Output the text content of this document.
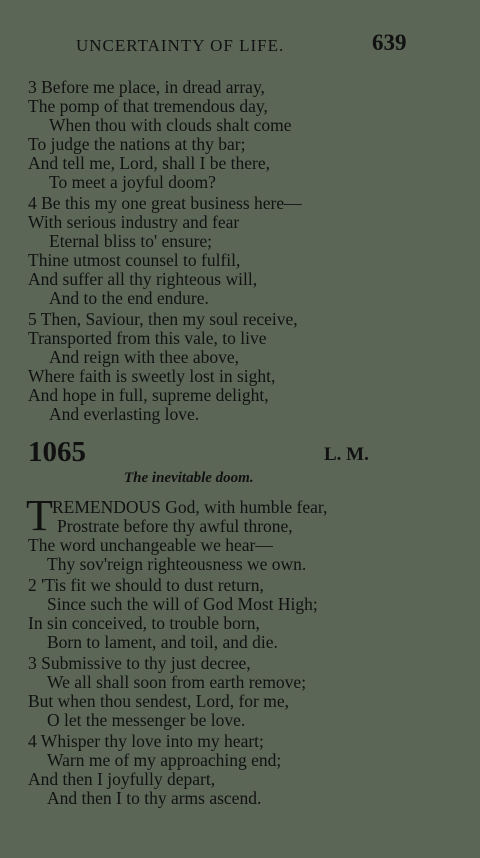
UNCERTAINTY OF LIFE.	639
3 Before me place, in dread array,
The pomp of that tremendous day,
When thou with clouds shalt come
To judge the nations at thy bar;
And tell me, Lord, shall I be there,
To meet a joyful doom?
4 Be this my one great business here—
With serious industry and fear
Eternal bliss to' ensure;
Thine utmost counsel to fulfil,
And suffer all thy righteous will,
And to the end endure.
5 Then, Saviour, then my soul receive,
Transported from this vale, to live
And reign with thee above,
Where faith is sweetly lost in sight,
And hope in full, supreme delight,
And everlasting love.
1065	L. M.
The inevitable doom.
T REMENDOUS God, with humble fear,
Prostrate before thy awful throne,
The word unchangeable we hear—
Thy sov'reign righteousness we own.
2 'Tis fit we should to dust return,
Since such the will of God Most High;
In sin conceived, to trouble born,
Born to lament, and toil, and die.
3 Submissive to thy just decree,
We all shall soon from earth remove;
But when thou sendest, Lord, for me,
O let the messenger be love.
4 Whisper thy love into my heart;
Warn me of my approaching end;
And then I joyfully depart,
And then I to thy arms ascend.
